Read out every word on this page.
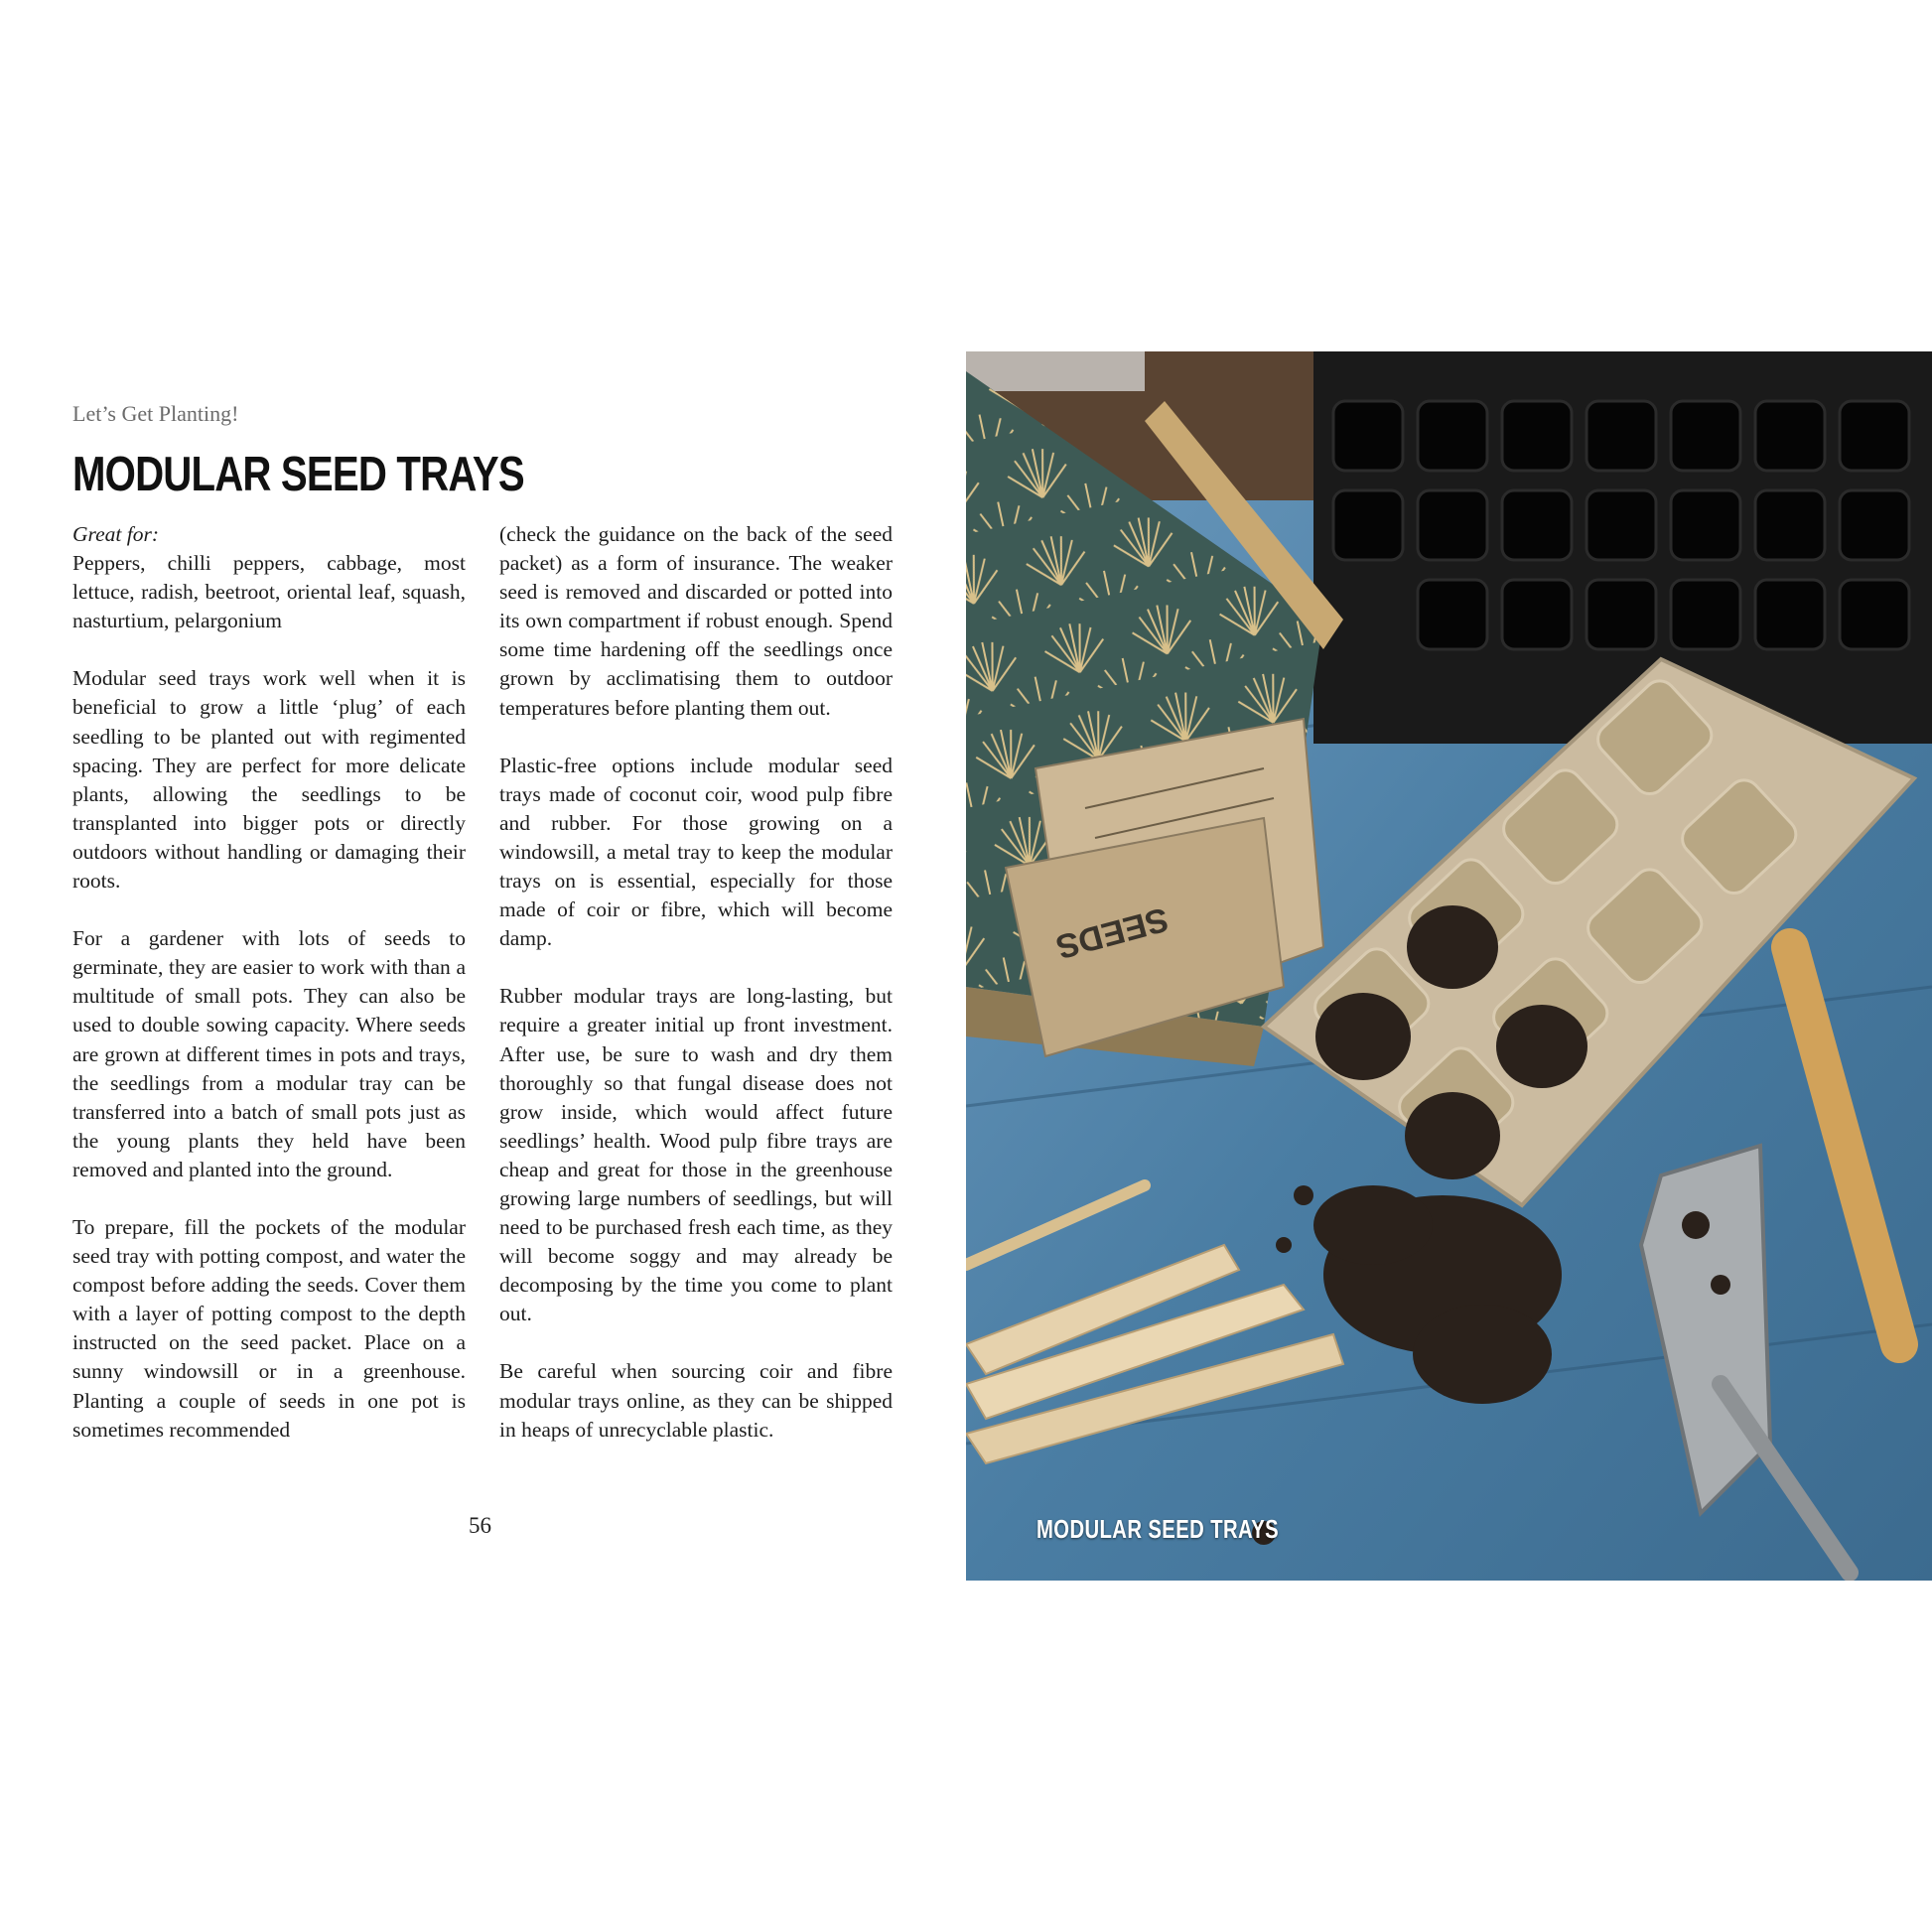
Let’s Get Planting!
MODULAR SEED TRAYS

Great for:
Peppers, chilli peppers, cabbage, most lettuce, radish, beetroot, oriental leaf, squash, nasturtium, pelargonium

Modular seed trays work well when it is beneficial to grow a little ‘plug’ of each seedling to be planted out with regimented spacing. They are perfect for more delicate plants, allowing the seedlings to be transplanted into bigger pots or directly outdoors without handling or damaging their roots.

For a gardener with lots of seeds to germinate, they are easier to work with than a multitude of small pots. They can also be used to double sowing capacity. Where seeds are grown at different times in pots and trays, the seedlings from a modular tray can be transferred into a batch of small pots just as the young plants they held have been removed and planted into the ground.

To prepare, fill the pockets of the modular seed tray with potting compost, and water the compost before adding the seeds. Cover them with a layer of potting compost to the depth instructed on the seed packet. Place on a sunny windowsill or in a greenhouse. Planting a couple of seeds in one pot is sometimes recommended

(check the guidance on the back of the seed packet) as a form of insurance. The weaker seed is removed and discarded or potted into its own compartment if robust enough. Spend some time hardening off the seedlings once grown by acclimatising them to outdoor temperatures before planting them out.

Plastic-free options include modular seed trays made of coconut coir, wood pulp fibre and rubber. For those growing on a windowsill, a metal tray to keep the modular trays on is essential, especially for those made of coir or fibre, which will become damp.

Rubber modular trays are long-lasting, but require a greater initial up front investment. After use, be sure to wash and dry them thoroughly so that fungal disease does not grow inside, which would affect future seedlings’ health. Wood pulp fibre trays are cheap and great for those in the greenhouse growing large numbers of seedlings, but will need to be purchased fresh each time, as they will become soggy and may already be decomposing by the time you come to plant out.

Be careful when sourcing coir and fibre modular trays online, as they can be shipped in heaps of unrecyclable plastic.

56
SEEDS
MODULAR SEED TRAYS
